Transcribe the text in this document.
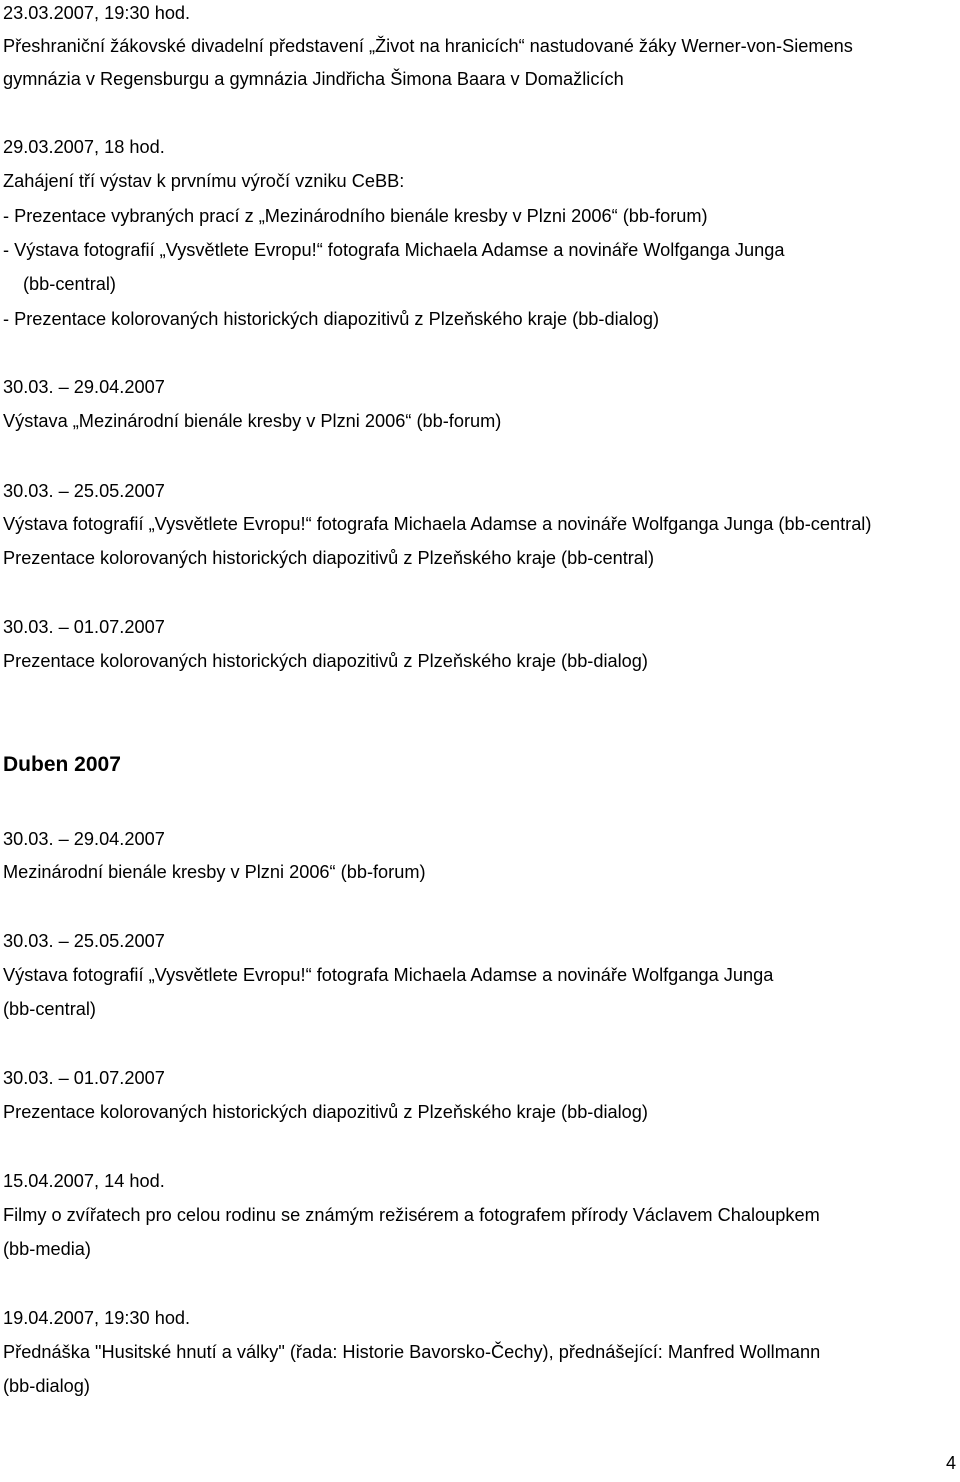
23.03.2007, 19:30 hod.
Přeshraniční žákovské divadelní představení „Život na hranicích“ nastudované žáky Werner-von-Siemens
gymnázia v Regensburgu a gymnázia Jindřicha Šimona Baara v Domažlicích
29.03.2007, 18 hod.
Zahájení tří výstav k prvnímu výročí vzniku CeBB:
- Prezentace vybraných prací z „Mezinárodního bienále kresby v Plzni 2006“ (bb-forum)
- Výstava fotografií „Vysvětlete Evropu!“ fotografa Michaela Adamse a novináře Wolfganga Junga
(bb-central)
- Prezentace kolorovaných historických diapozitivů z Plzeňského kraje (bb-dialog)
30.03. – 29.04.2007
Výstava „Mezinárodní bienále kresby v Plzni 2006“ (bb-forum)
30.03. – 25.05.2007
Výstava fotografií „Vysvětlete Evropu!“ fotografa Michaela Adamse a novináře Wolfganga Junga (bb-central)
Prezentace kolorovaných historických diapozitivů z Plzeňského kraje (bb-central)
30.03. – 01.07.2007
Prezentace kolorovaných historických diapozitivů z Plzeňského kraje (bb-dialog)
Duben 2007
30.03. – 29.04.2007
Mezinárodní bienále kresby v Plzni 2006“ (bb-forum)
30.03. – 25.05.2007
Výstava fotografií „Vysvětlete Evropu!“ fotografa Michaela Adamse a novináře Wolfganga Junga
(bb-central)
30.03. – 01.07.2007
Prezentace kolorovaných historických diapozitivů z Plzeňského kraje (bb-dialog)
15.04.2007, 14 hod.
Filmy o zvířatech pro celou rodinu se známým režisérem a fotografem přírody Václavem Chaloupkem
(bb-media)
19.04.2007, 19:30 hod.
Přednáška "Husitské hnutí a války" (řada: Historie Bavorsko-Čechy), přednášející: Manfred Wollmann
(bb-dialog)
4
